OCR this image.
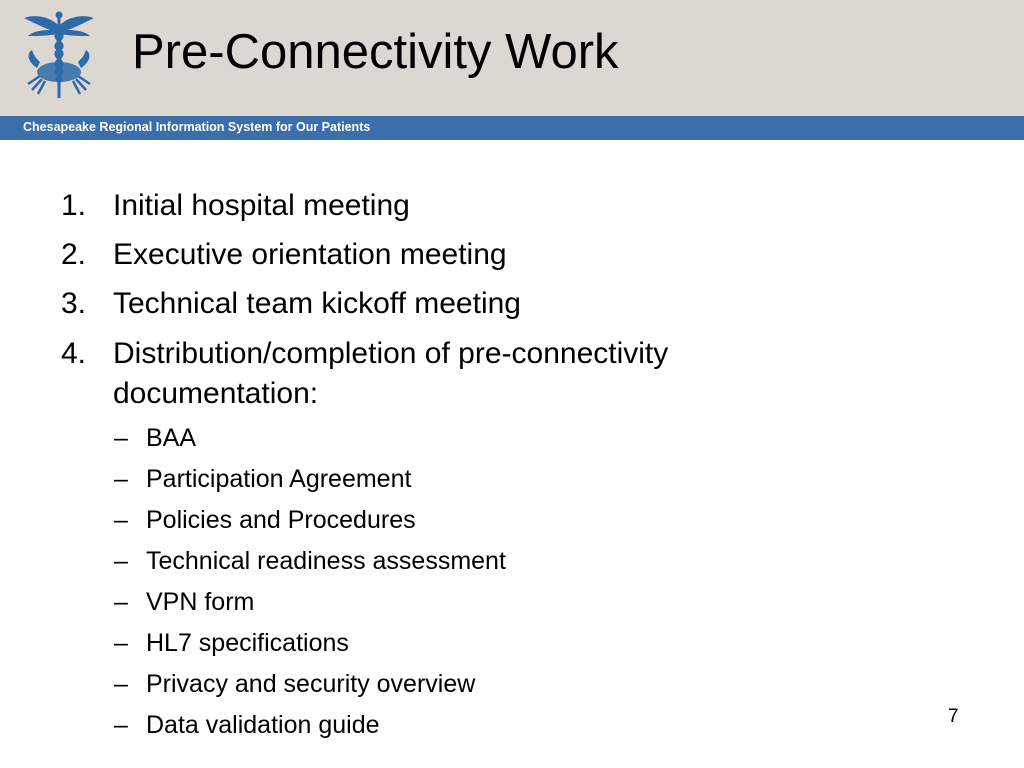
Pre-Connectivity Work
Chesapeake Regional Information System for Our Patients
1. Initial hospital meeting
2. Executive orientation meeting
3. Technical team kickoff meeting
4. Distribution/completion of pre-connectivity
documentation:
– BAA
– Participation Agreement
– Policies and Procedures
– Technical readiness assessment
– VPN form
– HL7 specifications
– Privacy and security overview
– Data validation guide	7
